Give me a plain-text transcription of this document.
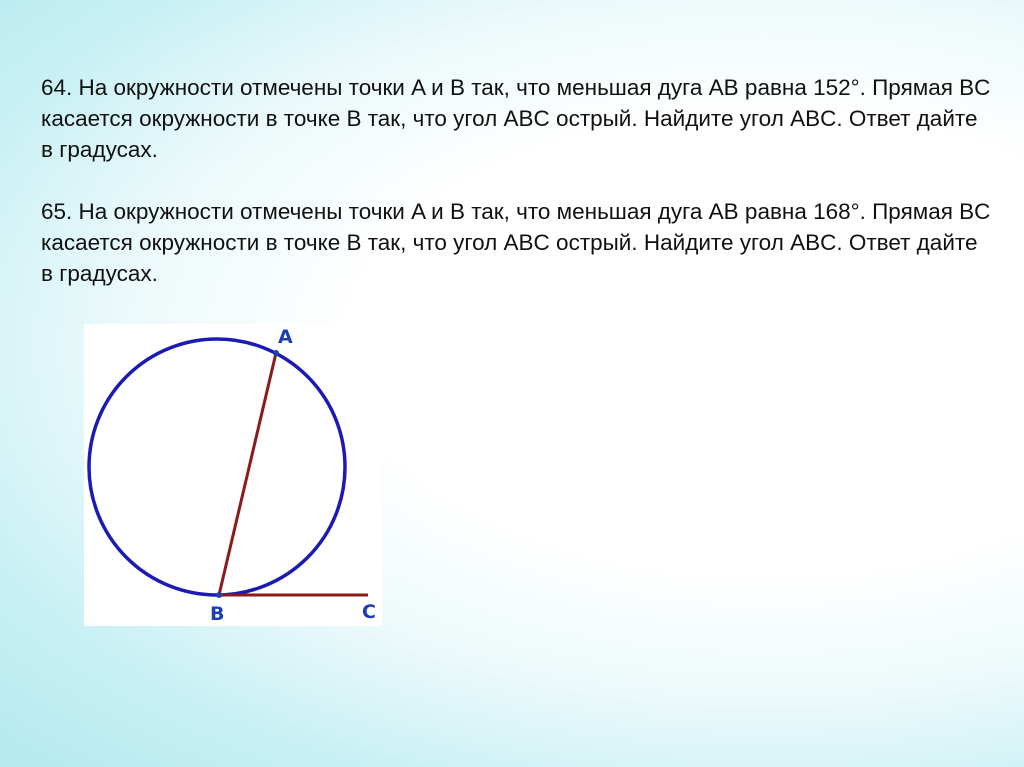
64. На окружности отмечены точки A и B так, что меньшая дуга AB равна 152°. Прямая BC касается окружности в точке B так, что угол ABC острый. Найдите угол ABC. Ответ дайте в градусах.

65. На окружности отмечены точки A и B так, что меньшая дуга AB равна 168°. Прямая BC касается окружности в точке B так, что угол ABC острый. Найдите угол ABC. Ответ дайте в градусах.

A
B	C
